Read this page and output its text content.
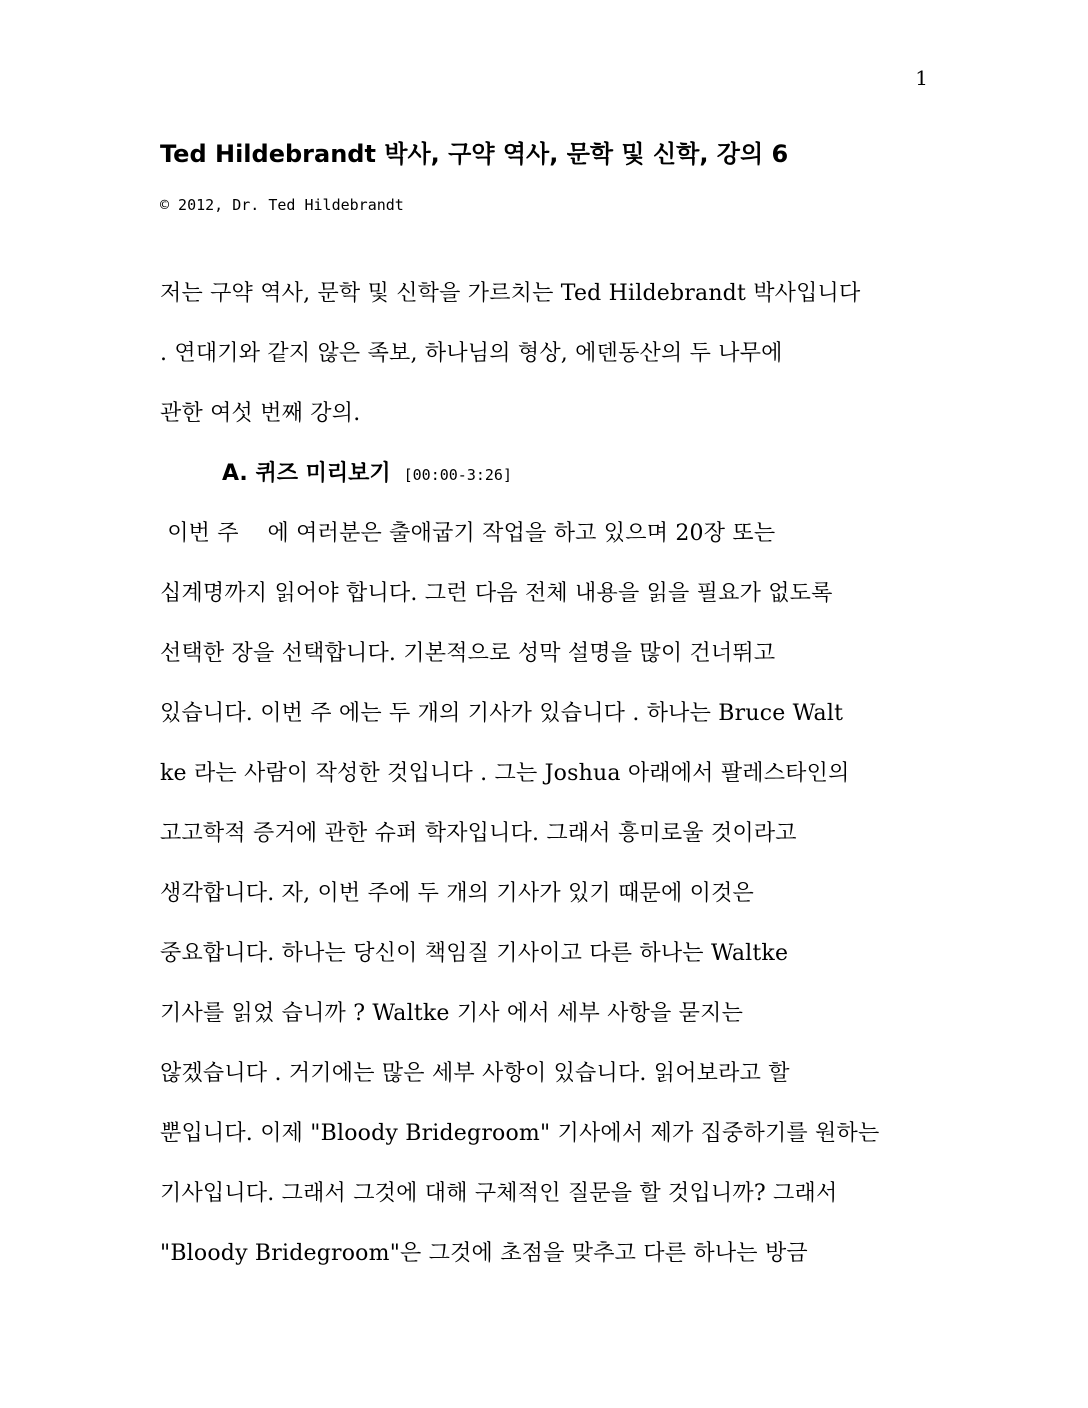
1
Ted Hildebrandt 박사, 구약 역사, 문학 및 신학, 강의 6
© 2012, Dr. Ted Hildebrandt
저는 구약 역사, 문학 및 신학을 가르치는 Ted Hildebrandt 박사입니다
. 연대기와 같지 않은 족보, 하나님의 형상, 에덴동산의 두 나무에
관한 여섯 번째 강의.
A. 퀴즈 미리보기 [00:00-3:26]
이번 주    에 여러분은 출애굽기 작업을 하고 있으며 20장 또는
십계명까지 읽어야 합니다. 그런 다음 전체 내용을 읽을 필요가 없도록
선택한 장을 선택합니다. 기본적으로 성막 설명을 많이 건너뛰고
있습니다. 이번 주 에는 두 개의 기사가 있습니다 . 하나는 Bruce Walt
ke 라는 사람이 작성한 것입니다 . 그는 Joshua 아래에서 팔레스타인의
고고학적 증거에 관한 슈퍼 학자입니다. 그래서 흥미로울 것이라고
생각합니다. 자, 이번 주에 두 개의 기사가 있기 때문에 이것은
중요합니다. 하나는 당신이 책임질 기사이고 다른 하나는 Waltke
기사를 읽었 습니까 ? Waltke 기사 에서 세부 사항을 묻지는
않겠습니다 . 거기에는 많은 세부 사항이 있습니다. 읽어보라고 할
뿐입니다. 이제 "Bloody Bridegroom" 기사에서 제가 집중하기를 원하는
기사입니다. 그래서 그것에 대해 구체적인 질문을 할 것입니까? 그래서
"Bloody Bridegroom"은 그것에 초점을 맞추고 다른 하나는 방금
